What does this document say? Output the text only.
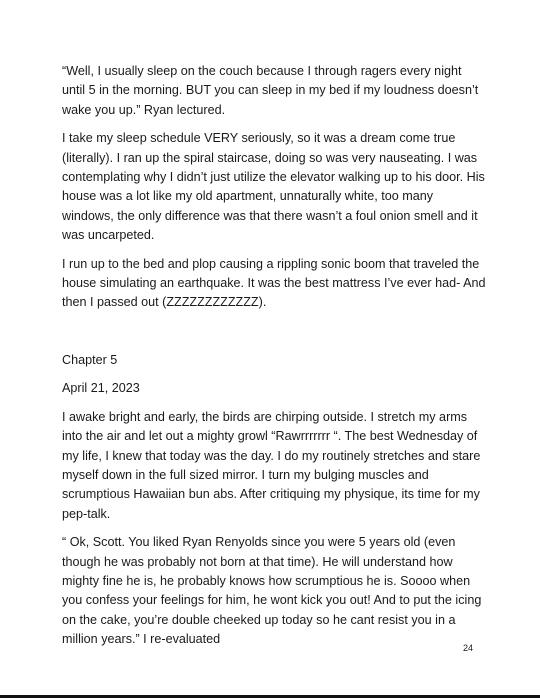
“Well, I usually sleep on the couch because I through ragers every night until 5 in the morning. BUT you can sleep in my bed if my loudness doesn’t wake you up.” Ryan lectured.

I take my sleep schedule VERY seriously, so it was a dream come true (literally). I ran up the spiral staircase, doing so was very nauseating. I was contemplating why I didn’t just utilize the elevator walking up to his door. His house was a lot like my old apartment, unnaturally white, too many windows, the only difference was that there wasn’t a foul onion smell and it was uncarpeted.

I run up to the bed and plop causing a rippling sonic boom that traveled the house simulating an earthquake. It was the best mattress I’ve ever had- And then I passed out (ZZZZZZZZZZZZ).

Chapter 5

April 21, 2023

I awake bright and early, the birds are chirping outside. I stretch my arms into the air and let out a mighty growl “Rawrrrrrrr “. The best Wednesday of my life, I knew that today was the day. I do my routinely stretches and stare myself down in the full sized mirror. I turn my bulging muscles and scrumptious Hawaiian bun abs. After critiquing my physique, its time for my pep-talk.

“ Ok, Scott. You liked Ryan Renyolds since you were 5 years old (even though he was probably not born at that time). He will understand how mighty fine he is, he probably knows how scrumptious he is. Soooo when you confess your feelings for him, he wont kick you out! And to put the icing on the cake, you’re double cheeked up today so he cant resist you in a million years.” I re-evaluated

24
